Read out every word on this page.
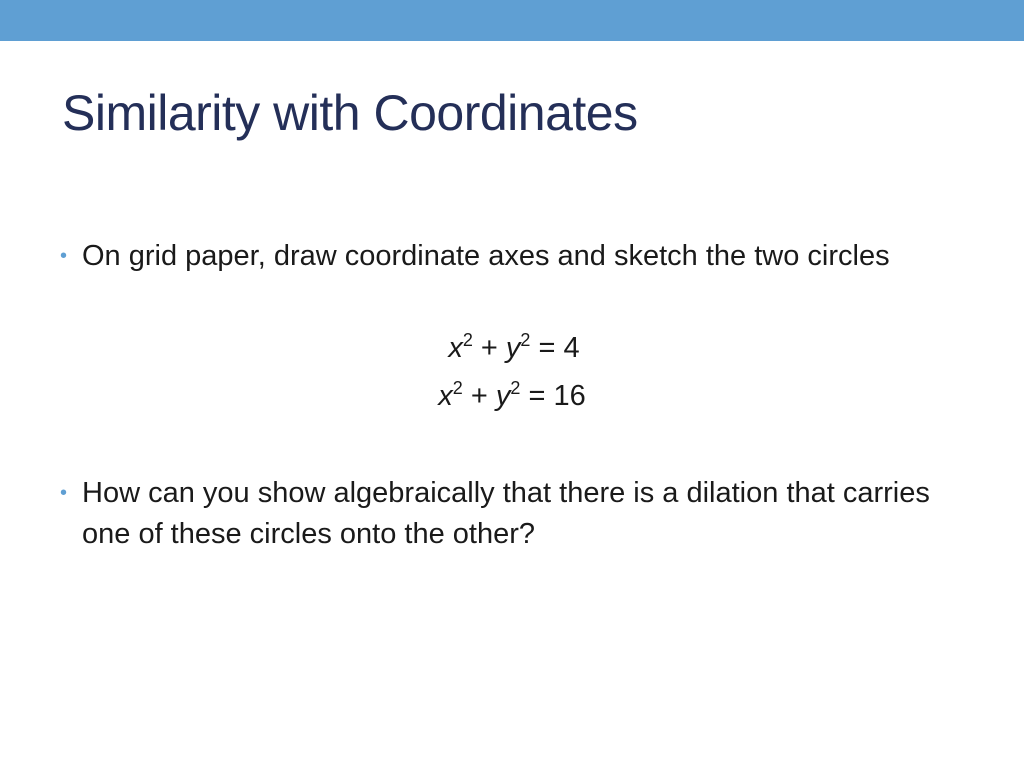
Similarity with Coordinates
• On grid paper, draw coordinate axes and sketch the two circles
$x^2 + y^2 = 4$
$x^2 + y^2 = 16$
• How can you show algebraically that there is a dilation that carries one of these circles onto the other?
